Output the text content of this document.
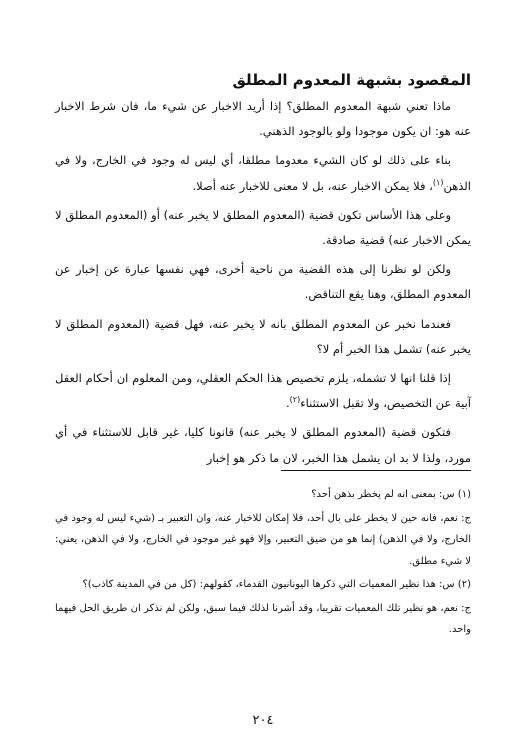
المقصود بشبهة المعدوم المطلق

ماذا تعني شبهة المعدوم المطلق؟ إذا أريد الاخبار عن شيء ما، فان شرط الاخبار عنه هو: ان يكون موجودا ولو بالوجود الذهني.

بناء على ذلك لو كان الشيء معدوما مطلقا، أي ليس له وجود في الخارج، ولا في الذهن$^{(١)}$، فلا يمكن الاخبار عنه، بل لا معنى للاخبار عنه أصلا.

وعلى هذا الأساس تكون قضية (المعدوم المطلق لا يخبر عنه) أو (المعدوم المطلق لا يمكن الاخبار عنه) قضية صادقة.

ولكن لو نظرنا إلى هذه القضية من ناحية أخرى، فهي نفسها عبارة عن إخبار عن المعدوم المطلق، وهنا يقع التناقض.

فعندما نخبر عن المعدوم المطلق بانه لا يخبر عنه، فهل قضية (المعدوم المطلق لا يخبر عنه) تشمل هذا الخبر أم لا؟

إذا قلنا انها لا تشمله، يلزم تخصيص هذا الحكم العقلي، ومن المعلوم ان أحكام العقل آبية عن التخصيص، ولا تقبل الاستثناء$^{(٢)}$.

فتكون قضية (المعدوم المطلق لا يخبر عنه) قانونا كليا، غير قابل للاستثناء في أي مورد، ولذا لا بد ان يشمل هذا الخبر، لان ما ذكر هو إخبار

(١) س: بمعنى انه لم يخطر بذهن أحد؟

ج: نعم، فانه حين لا يخطر على بال أحد، فلا إمكان للاخبار عنه، وان التعبير بـ (شيء ليس له وجود في الخارج، ولا في الذهن) إنما هو من ضيق التعبير، وإلا فهو غير موجود في الخارج، ولا في الذهن، يعني: لا شيء مطلق.

(٢) س: هذا نظير المعميات التي ذكرها اليونانيون القدماء، كقولهم: (كل من في المدينة كاذب)؟

ج: نعم، هو نظير تلك المعميات تقريبا، وقد أشرنا لذلك فيما سبق، ولكن لم نذكر ان طريق الحل فيهما واحد.

٢٠٤
